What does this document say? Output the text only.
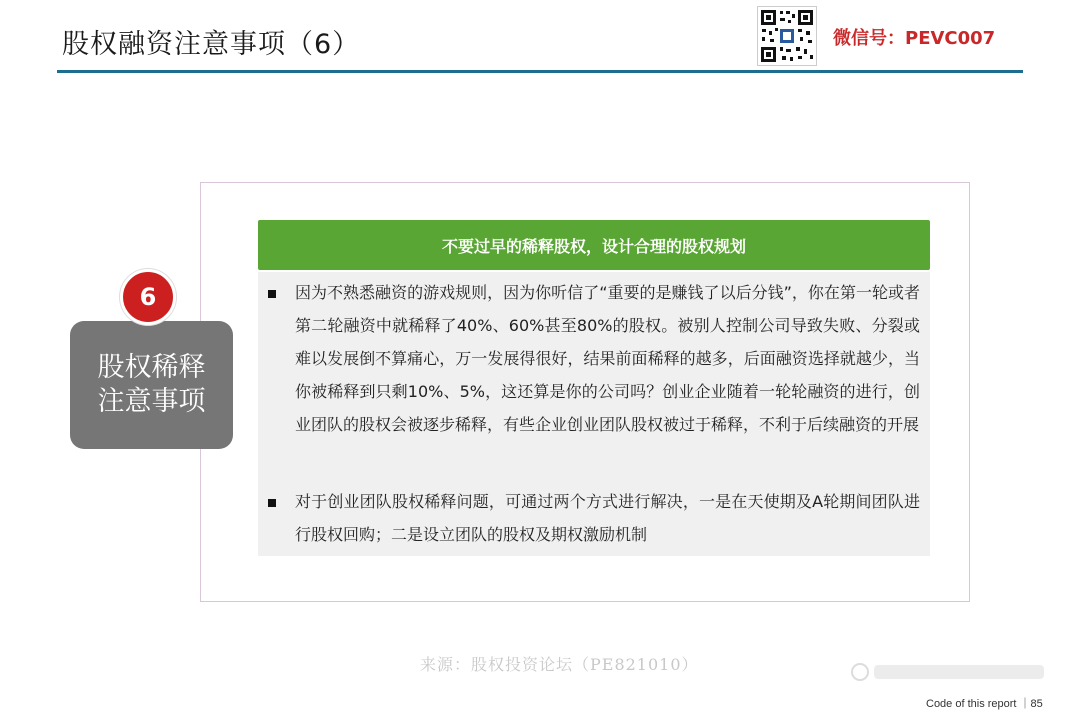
股权融资注意事项（6）	微信号：PEVC007
不要过早的稀释股权，设计合理的股权规划
因为不熟悉融资的游戏规则，因为你听信了“重要的是赚钱了以后分钱”，你在第一轮或者第二轮融资中就稀释了40%、60%甚至80%的股权。被别人控制公司导致失败、分裂或难以发展倒不算痛心，万一发展得很好，结果前面稀释的越多，后面融资选择就越少，当你被稀释到只剩10%、5%，这还算是你的公司吗？创业企业随着一轮轮融资的进行，创业团队的股权会被逐步稀释，有些企业创业团队股权被过于稀释，不利于后续融资的开展
对于创业团队股权稀释问题，可通过两个方式进行解决，一是在天使期及A轮期间团队进行股权回购；二是设立团队的股权及期权激励机制
6
股权稀释
注意事项
来源：股权投资论坛（PE821010）
Code of this report ｜85
